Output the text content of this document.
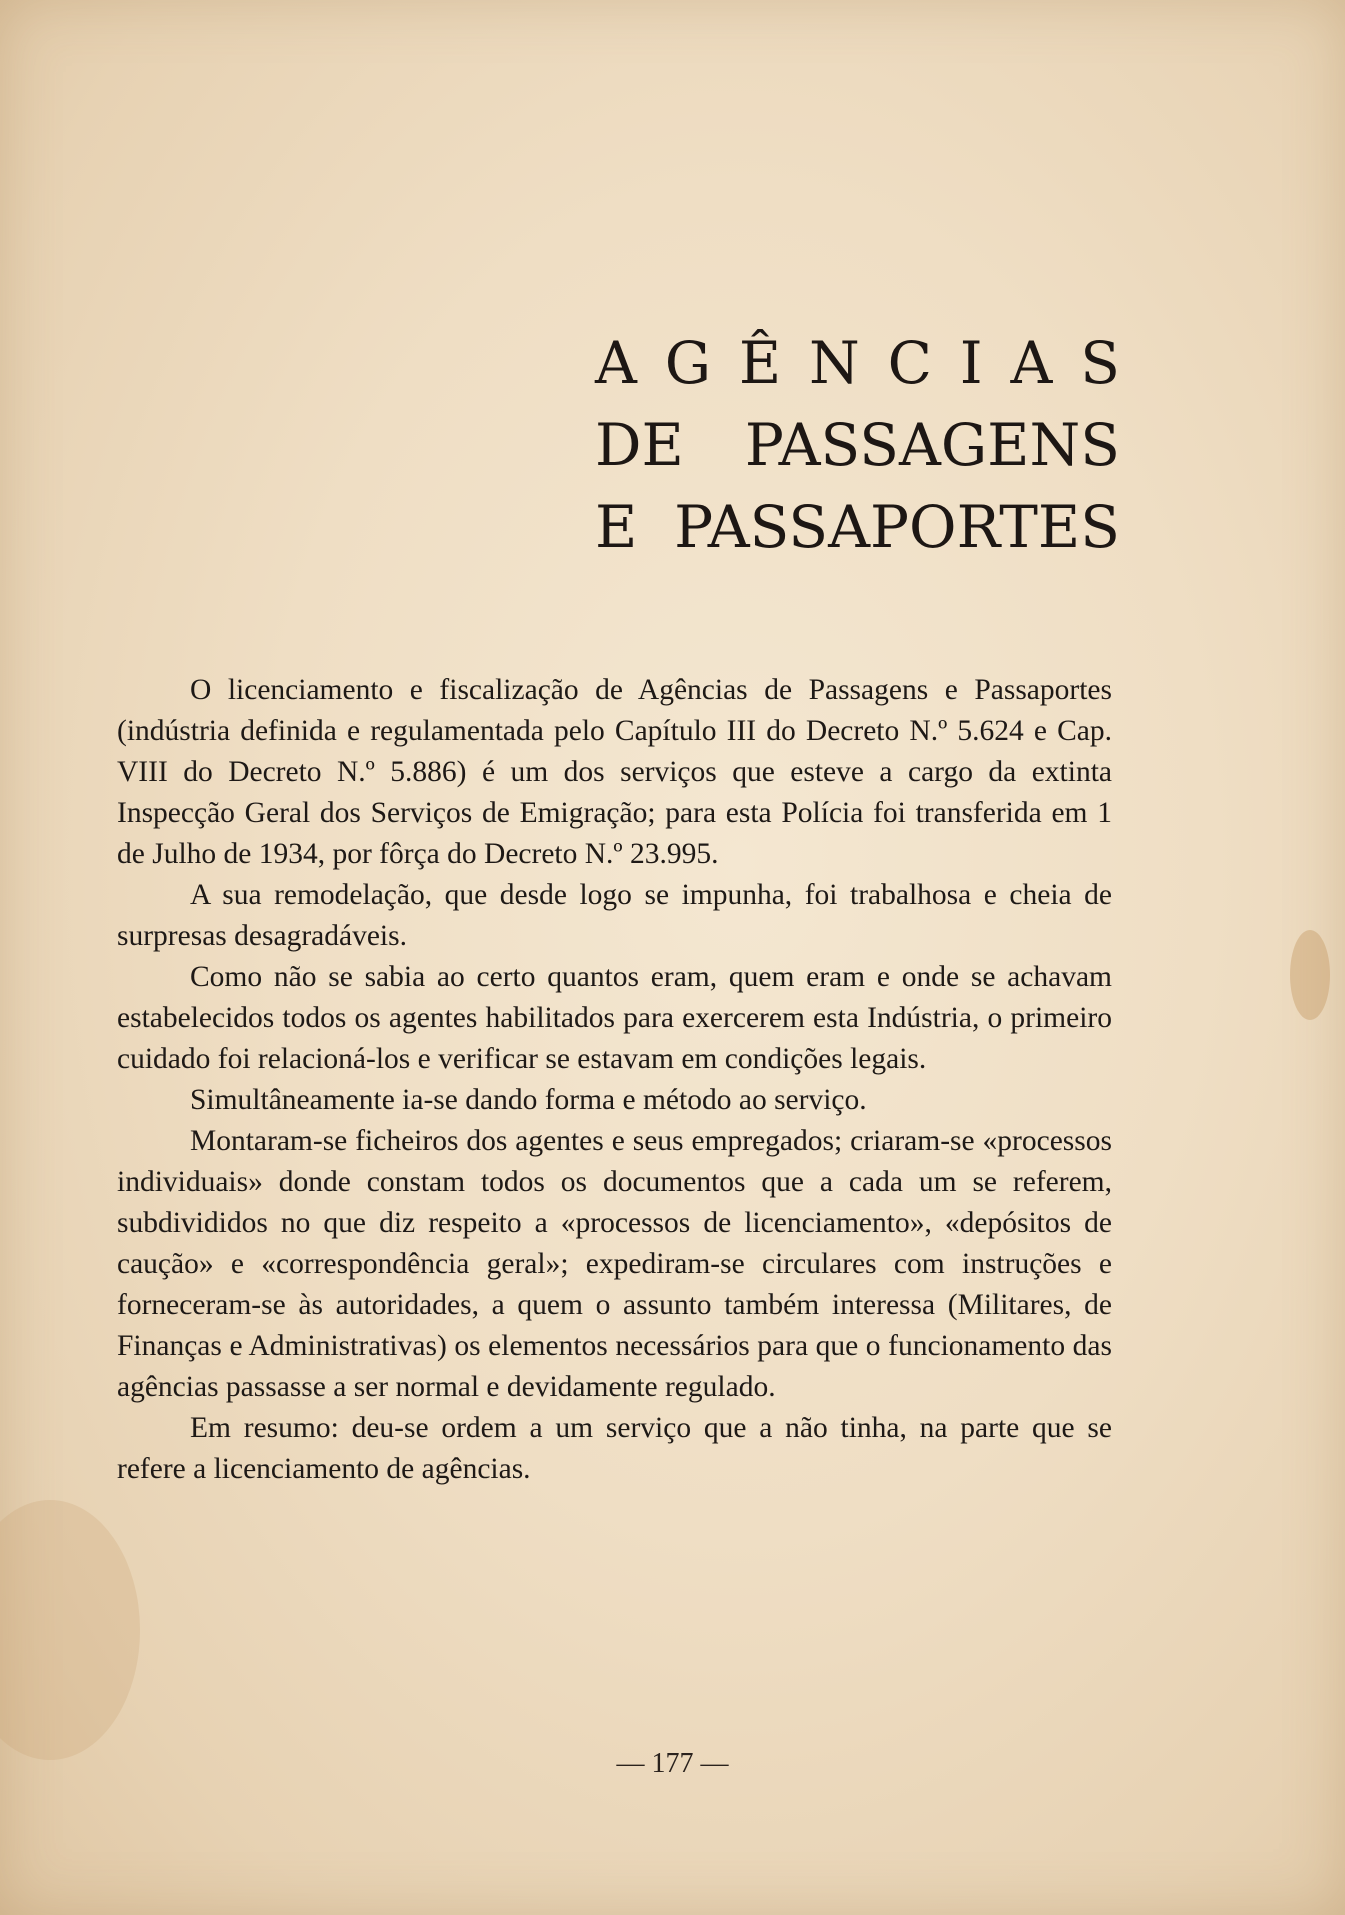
A G Ê N C I A S
DE PASSAGENS
E PASSAPORTES

O licenciamento e fiscalização de Agências de Passagens e Passaportes (indústria definida e regulamentada pelo Capítulo III do Decreto N.º 5.624 e Cap. VIII do Decreto N.º 5.886) é um dos serviços que esteve a cargo da extinta Inspecção Geral dos Serviços de Emigração; para esta Polícia foi transferida em 1 de Julho de 1934, por fôrça do Decreto N.º 23.995.

A sua remodelação, que desde logo se impunha, foi trabalhosa e cheia de surpresas desagradáveis.

Como não se sabia ao certo quantos eram, quem eram e onde se achavam estabelecidos todos os agentes habilitados para exercerem esta Indústria, o primeiro cuidado foi relacioná-los e verificar se estavam em condições legais.

Simultâneamente ia-se dando forma e método ao serviço.

Montaram-se ficheiros dos agentes e seus empregados; criaram-se «processos individuais» donde constam todos os documentos que a cada um se referem, subdivididos no que diz respeito a «processos de licenciamento», «depósitos de caução» e «correspondência geral»; expediram-se circulares com instruções e forneceram-se às autoridades, a quem o assunto também interessa (Militares, de Finanças e Administrativas) os elementos necessários para que o funcionamento das agências passasse a ser normal e devidamente regulado.

Em resumo: deu-se ordem a um serviço que a não tinha, na parte que se refere a licenciamento de agências.

— 177 —
